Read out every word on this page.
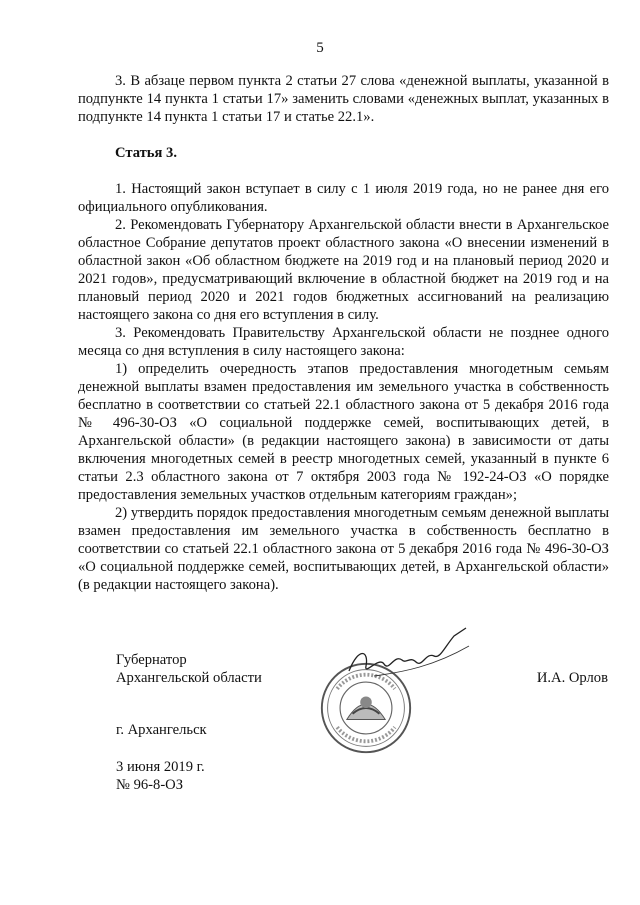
5

3. В абзаце первом пункта 2 статьи 27 слова «денежной выплаты, указанной в подпункте 14 пункта 1 статьи 17» заменить словами «денежных выплат, указанных в подпункте 14 пункта 1 статьи 17 и статье 22.1».

Статья 3.

1. Настоящий закон вступает в силу с 1 июля 2019 года, но не ранее дня его официального опубликования.

2. Рекомендовать Губернатору Архангельской области внести в Архангельское областное Собрание депутатов проект областного закона «О внесении изменений в областной закон «Об областном бюджете на 2019 год и на плановый период 2020 и 2021 годов», предусматривающий включение в областной бюджет на 2019 год и на плановый период 2020 и 2021 годов бюджетных ассигнований на реализацию настоящего закона со дня его вступления в силу.

3. Рекомендовать Правительству Архангельской области не позднее одного месяца со дня вступления в силу настоящего закона:

1) определить очередность этапов предоставления многодетным семьям денежной выплаты взамен предоставления им земельного участка в собственность бесплатно в соответствии со статьей 22.1 областного закона от 5 декабря 2016 года № 496-30-ОЗ «О социальной поддержке семей, воспитывающих детей, в Архангельской области» (в редакции настоящего закона) в зависимости от даты включения многодетных семей в реестр многодетных семей, указанный в пункте 6 статьи 2.3 областного закона от 7 октября 2003 года № 192-24-ОЗ «О порядке предоставления земельных участков отдельным категориям граждан»;

2) утвердить порядок предоставления многодетным семьям денежной выплаты взамен предоставления им земельного участка в собственность бесплатно в соответствии со статьей 22.1 областного закона от 5 декабря 2016 года № 496-30-ОЗ «О социальной поддержке семей, воспитывающих детей, в Архангельской области» (в редакции настоящего закона).

Губернатор
Архангельской области	И.А. Орлов
г. Архангельск
3 июня 2019 г.
№ 96-8-ОЗ
